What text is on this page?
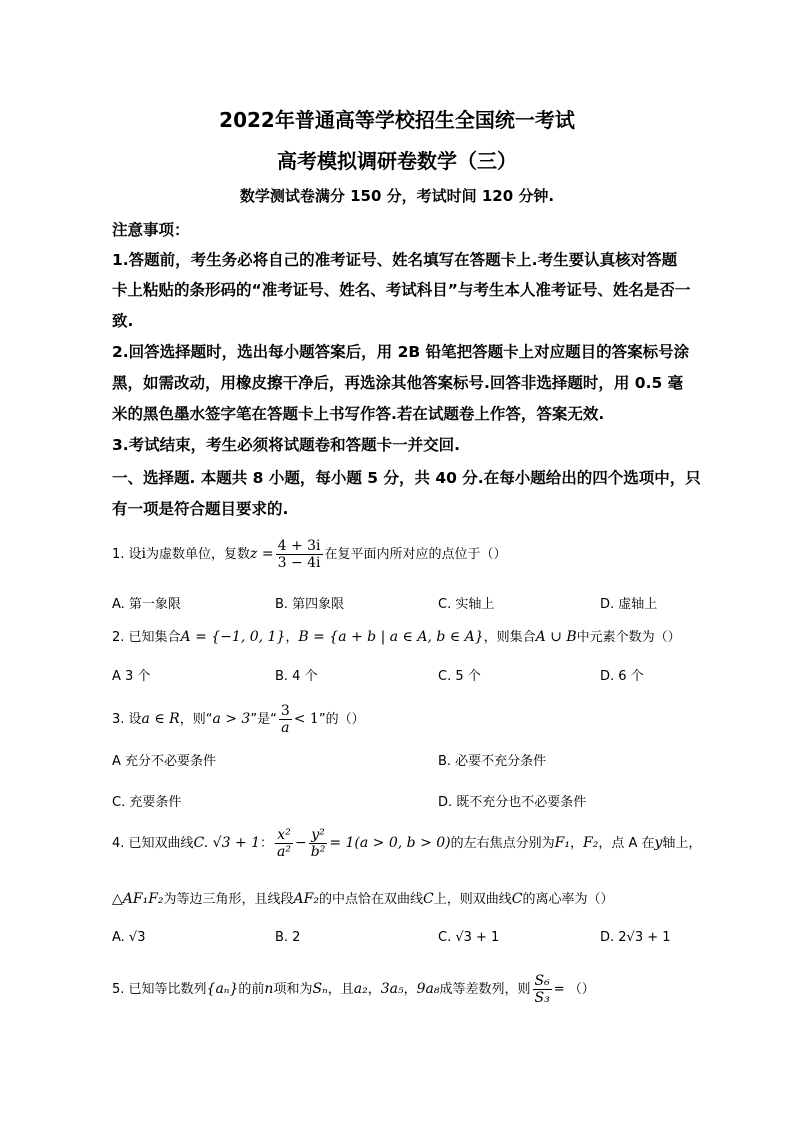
2022年普通高等学校招生全国统一考试
高考模拟调研卷数学（三）
数学测试卷满分 150 分，考试时间 120 分钟.
注意事项：
1.答题前，考生务必将自己的准考证号、姓名填写在答题卡上.考生要认真核对答题
卡上粘贴的条形码的“准考证号、姓名、考试科目”与考生本人准考证号、姓名是否一
致.
2.回答选择题时，选出每小题答案后，用 2B 铅笔把答题卡上对应题目的答案标号涂
黑，如需改动，用橡皮擦干净后，再选涂其他答案标号.回答非选择题时，用 0.5 毫
米的黑色墨水签字笔在答题卡上书写作答.若在试题卷上作答，答案无效.
3.考试结束，考生必须将试题卷和答题卡一并交回.
一、选择题. 本题共 8 小题，每小题 5 分，共 40 分.在每小题给出的四个选项中，只
有一项是符合题目要求的.
1. 设i为虚数单位，复数$z = \frac{4 + 3i}{3 - 4i}$ 在复平面内所对应的点位于（）
A. 第一象限	B. 第四象限	C. 实轴上	D. 虚轴上
2. 已知集合A = {−1, 0, 1}，B = {a + b | a ∈ A, b ∈ A}，则集合A ∪ B中元素个数为（）
A 3 个	B. 4 个	C. 5 个	D. 6 个
3. 设a ∈ R，则“a > 3”是“ $\frac{3}{a} < 1$”的（）
A 充分不必要条件	B. 必要不充分条件
C. 充要条件	D. 既不充分也不必要条件
4. 已知双曲线C. √3 + 1： $\frac{\text{x²}}{\text{a²}} - \frac{\text{y²}}{\text{b²}} = 1(a > 0$, b > 0)的左右焦点分别为F₁，F₂，点 A 在y轴上，
△AF₁F₂为等边三角形，且线段AF₂的中点恰在双曲线C上，则双曲线C的离心率为（）
A. √3	B. 2	C. √3 + 1	D. 2√3 + 1
5. 已知等比数列{aₙ}的前n项和为Sₙ，且a₂，3a₅，9a₈成等差数列，则 $\frac{\text{S₆}}{\text{S₃}}$ = （）
